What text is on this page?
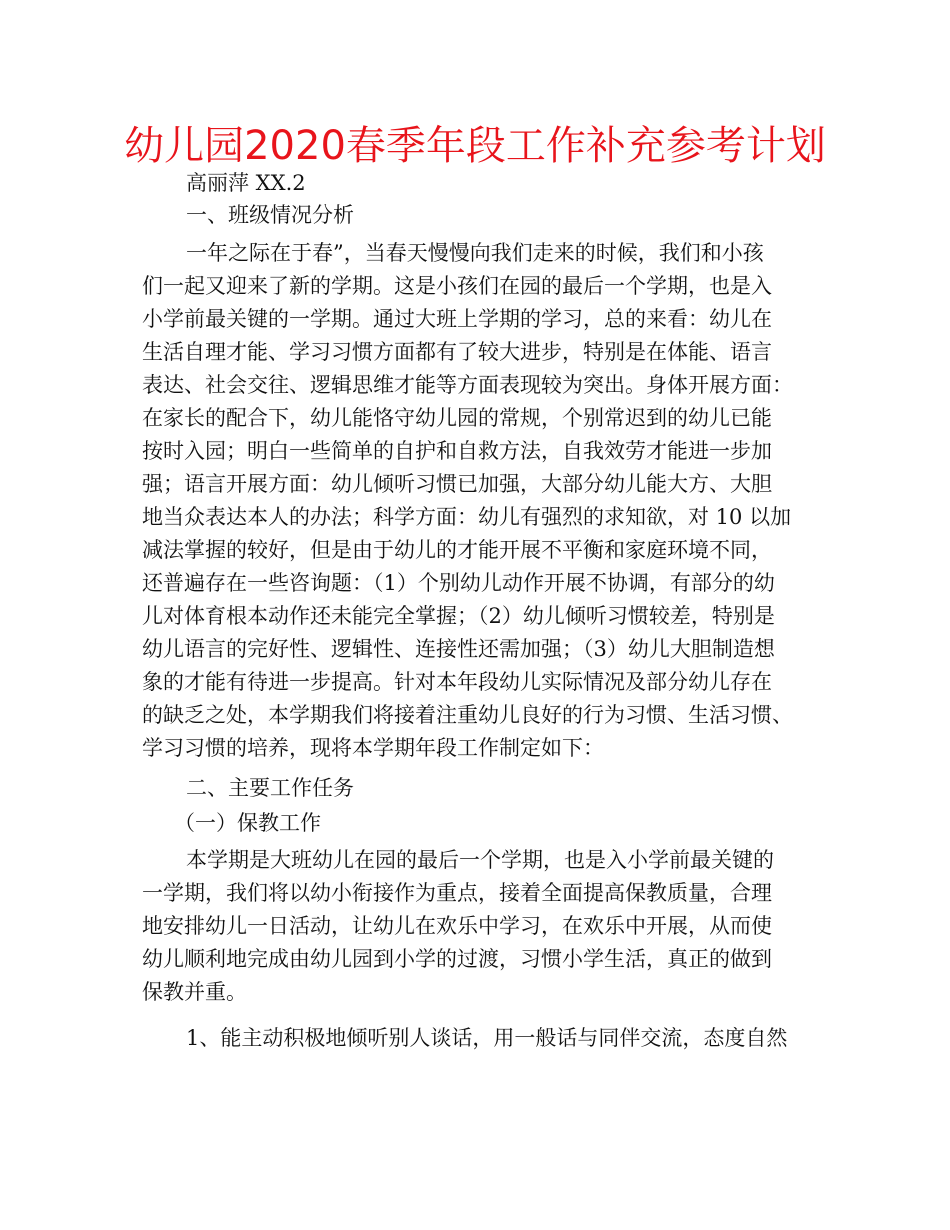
幼儿园2020春季年段工作补充参考计划
高丽萍 XX.2
一、班级情况分析
一年之际在于春”，当春天慢慢向我们走来的时候，我们和小孩
们一起又迎来了新的学期。这是小孩们在园的最后一个学期，也是入
小学前最关键的一学期。通过大班上学期的学习，总的来看：幼儿在
生活自理才能、学习习惯方面都有了较大进步，特别是在体能、语言
表达、社会交往、逻辑思维才能等方面表现较为突出。身体开展方面：
在家长的配合下，幼儿能恪守幼儿园的常规，个别常迟到的幼儿已能
按时入园；明白一些简单的自护和自救方法，自我效劳才能进一步加
强；语言开展方面：幼儿倾听习惯已加强，大部分幼儿能大方、大胆
地当众表达本人的办法；科学方面：幼儿有强烈的求知欲，对 10 以加
减法掌握的较好，但是由于幼儿的才能开展不平衡和家庭环境不同，
还普遍存在一些咨询题：（1）个别幼儿动作开展不协调，有部分的幼
儿对体育根本动作还未能完全掌握；（2）幼儿倾听习惯较差，特别是
幼儿语言的完好性、逻辑性、连接性还需加强；（3）幼儿大胆制造想
象的才能有待进一步提高。针对本年段幼儿实际情况及部分幼儿存在
的缺乏之处，本学期我们将接着注重幼儿良好的行为习惯、生活习惯、
学习习惯的培养，现将本学期年段工作制定如下：
二、主要工作任务
（一）保教工作
本学期是大班幼儿在园的最后一个学期，也是入小学前最关键的
一学期，我们将以幼小衔接作为重点，接着全面提高保教质量，合理
地安排幼儿一日活动，让幼儿在欢乐中学习，在欢乐中开展，从而使
幼儿顺利地完成由幼儿园到小学的过渡，习惯小学生活，真正的做到
保教并重。
1、能主动积极地倾听别人谈话，用一般话与同伴交流，态度自然
